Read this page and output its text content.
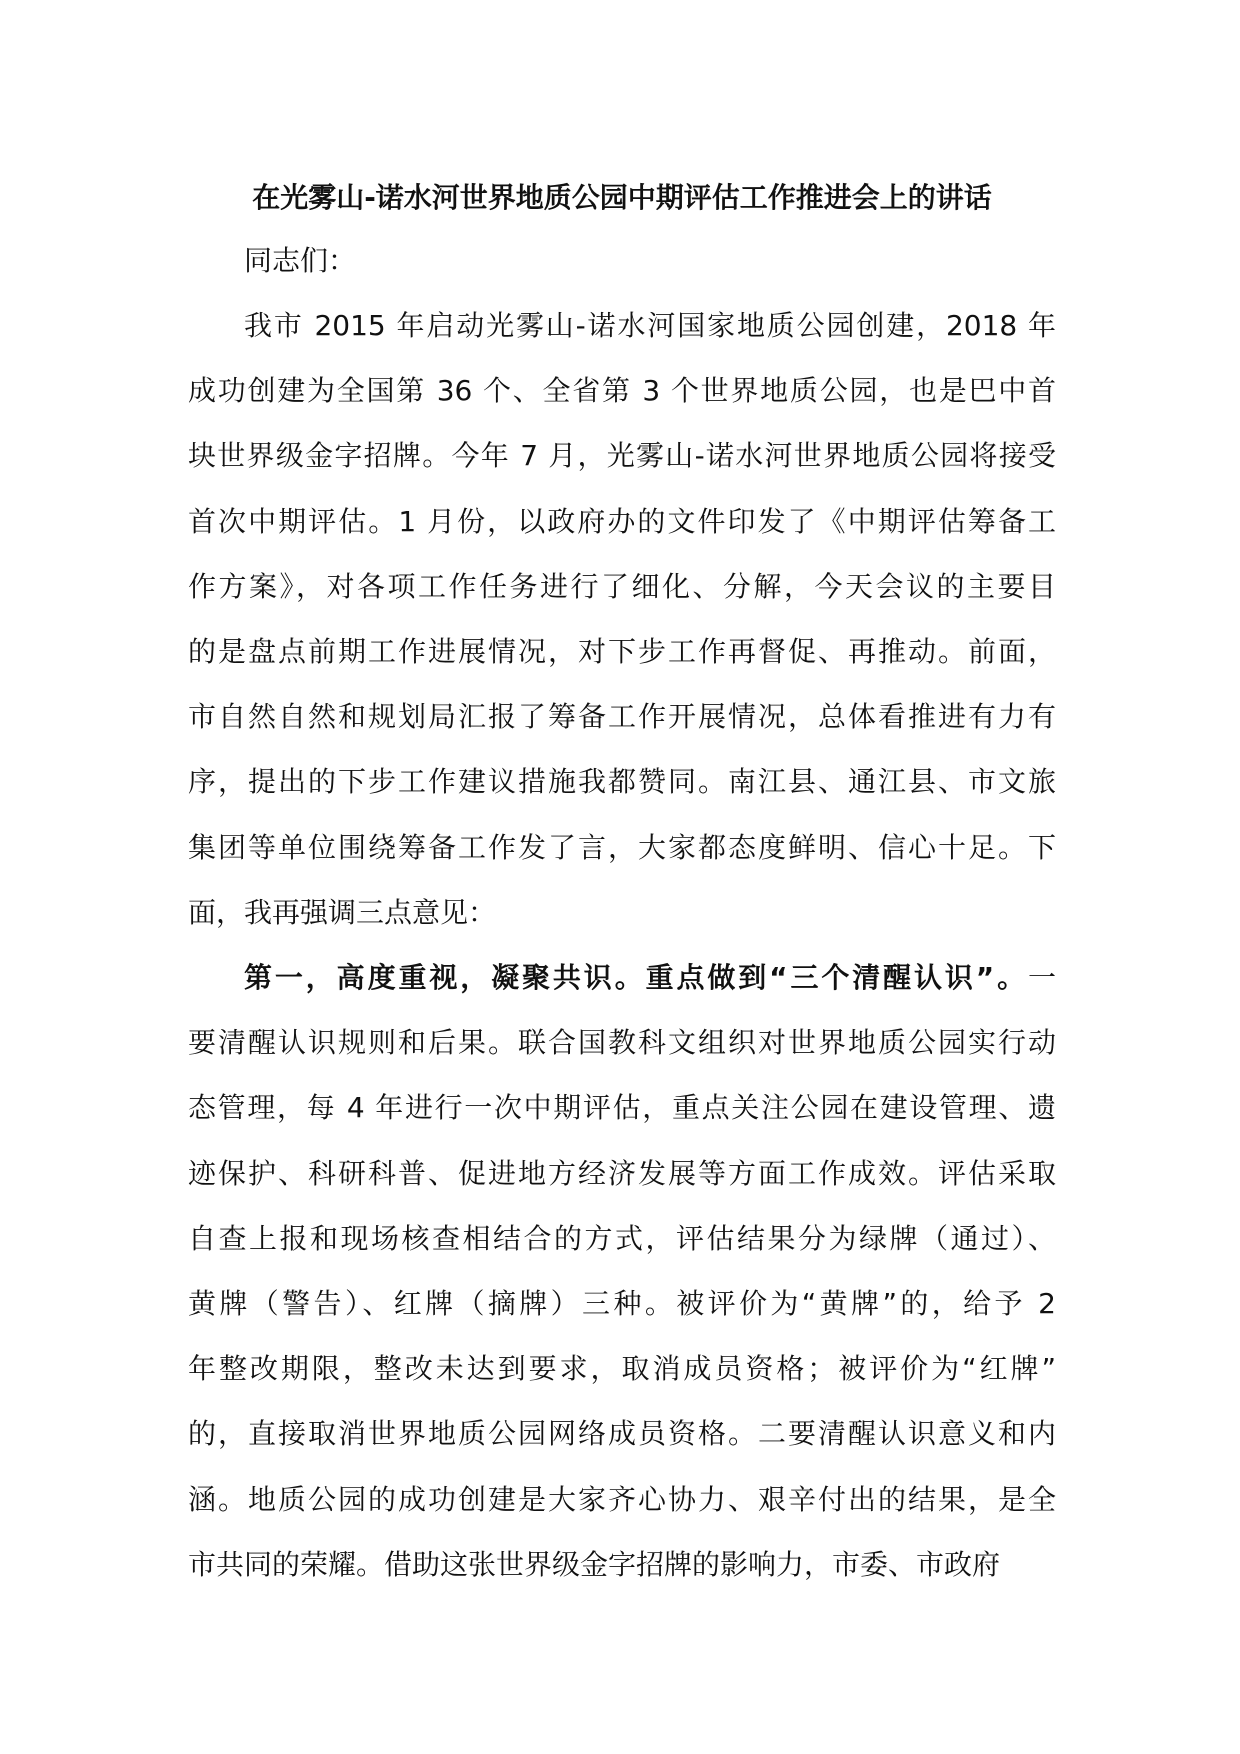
在光雾山-诺水河世界地质公园中期评估工作推进会上的讲话

同志们：

我市 2015 年启动光雾山-诺水河国家地质公园创建，2018 年
成功创建为全国第 36 个、全省第 3 个世界地质公园，也是巴中首
块世界级金字招牌。今年 7 月，光雾山-诺水河世界地质公园将接受
首次中期评估。1 月份，以政府办的文件印发了《中期评估筹备工
作方案》，对各项工作任务进行了细化、分解，今天会议的主要目
的是盘点前期工作进展情况，对下步工作再督促、再推动。前面，
市自然自然和规划局汇报了筹备工作开展情况，总体看推进有力有
序，提出的下步工作建议措施我都赞同。南江县、通江县、市文旅
集团等单位围绕筹备工作发了言，大家都态度鲜明、信心十足。下
面，我再强调三点意见：
第一，高度重视，凝聚共识。重点做到“三个清醒认识”。一
要清醒认识规则和后果。联合国教科文组织对世界地质公园实行动
态管理，每 4 年进行一次中期评估，重点关注公园在建设管理、遗
迹保护、科研科普、促进地方经济发展等方面工作成效。评估采取
自查上报和现场核查相结合的方式，评估结果分为绿牌（通过）、
黄牌（警告）、红牌（摘牌）三种。被评价为“黄牌”的，给予 2
年整改期限，整改未达到要求，取消成员资格；被评价为“红牌”
的，直接取消世界地质公园网络成员资格。二要清醒认识意义和内
涵。地质公园的成功创建是大家齐心协力、艰辛付出的结果，是全
市共同的荣耀。借助这张世界级金字招牌的影响力，市委、市政府
